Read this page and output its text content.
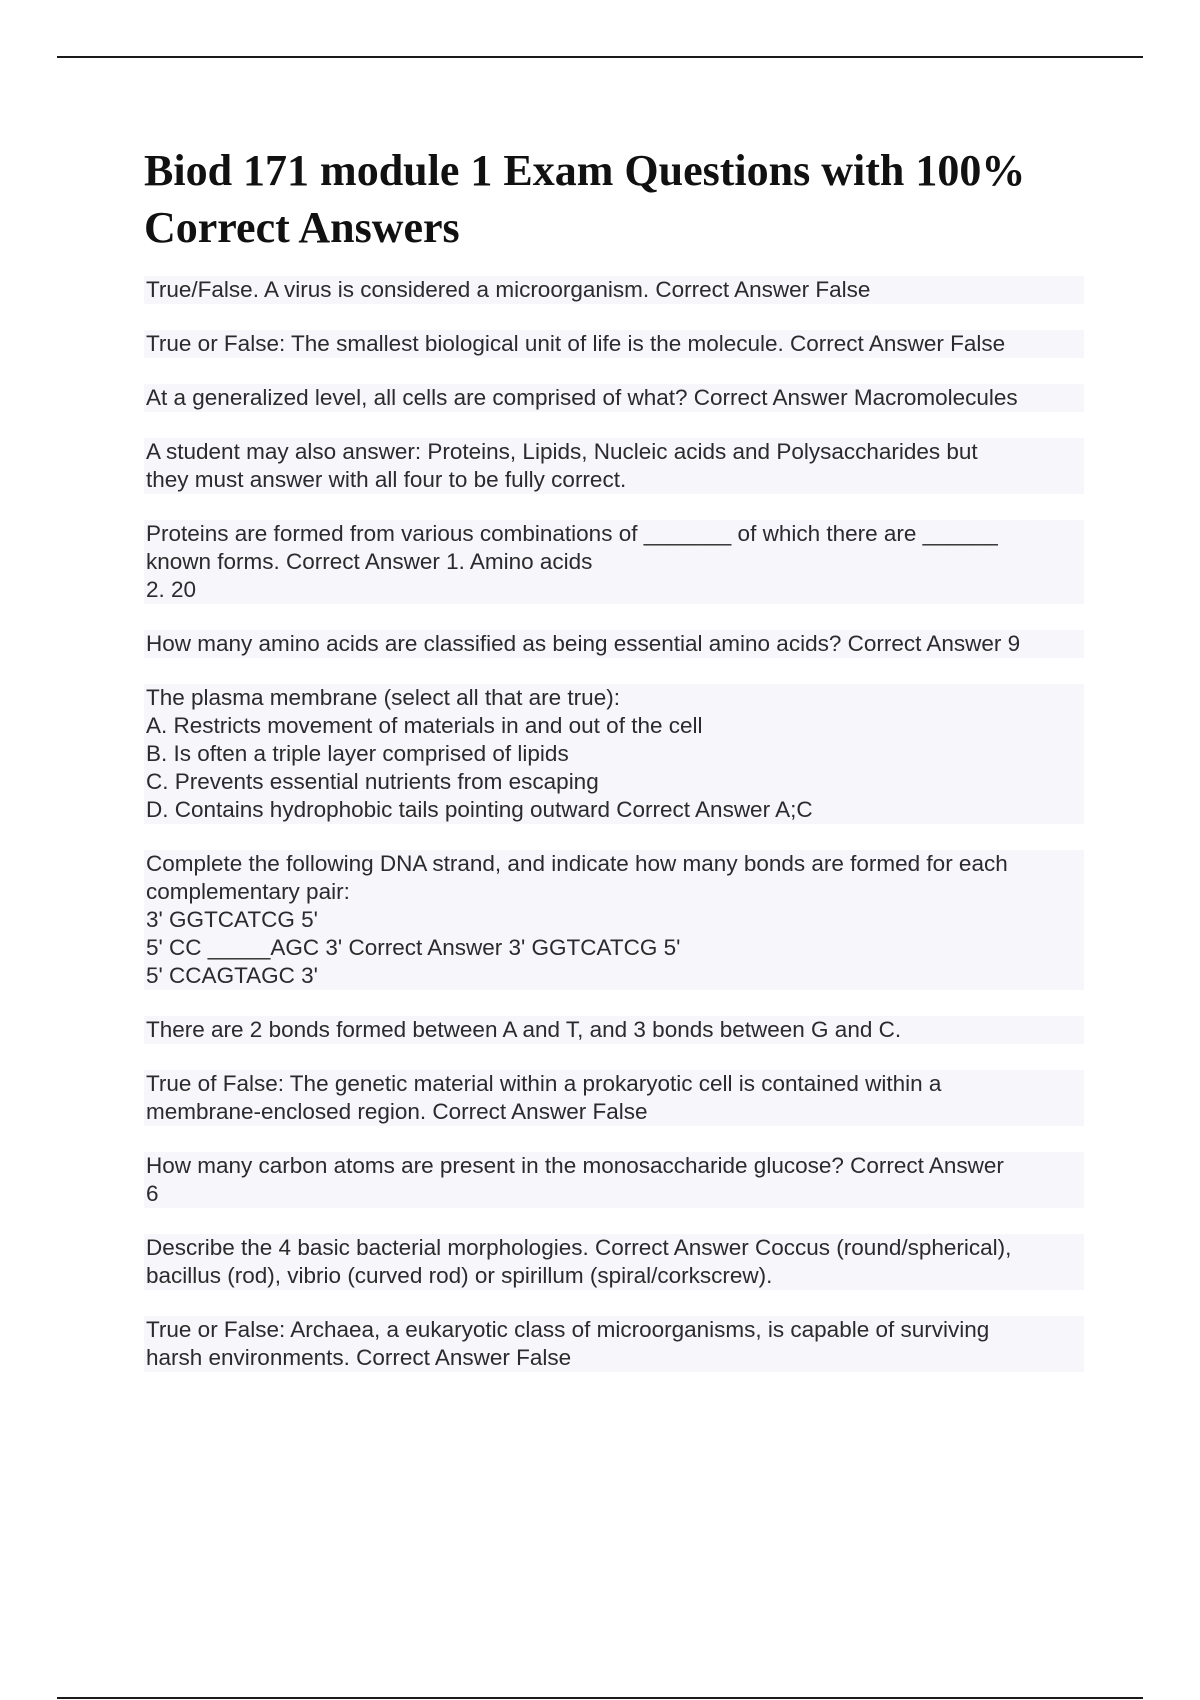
Biod 171 module 1 Exam Questions with 100% Correct Answers
True/False. A virus is considered a microorganism. Correct Answer False
True or False: The smallest biological unit of life is the molecule. Correct Answer False
At a generalized level, all cells are comprised of what? Correct Answer Macromolecules
A student may also answer: Proteins, Lipids, Nucleic acids and Polysaccharides but
they must answer with all four to be fully correct.
Proteins are formed from various combinations of _______ of which there are ______
known forms. Correct Answer 1. Amino acids
2. 20
How many amino acids are classified as being essential amino acids? Correct Answer 9
The plasma membrane (select all that are true):
A. Restricts movement of materials in and out of the cell
B. Is often a triple layer comprised of lipids
C. Prevents essential nutrients from escaping
D. Contains hydrophobic tails pointing outward Correct Answer A;C
Complete the following DNA strand, and indicate how many bonds are formed for each
complementary pair:
3' GGTCATCG 5'
5' CC _____AGC 3' Correct Answer 3' GGTCATCG 5'
5' CCAGTAGC 3'
There are 2 bonds formed between A and T, and 3 bonds between G and C.
True of False: The genetic material within a prokaryotic cell is contained within a
membrane-enclosed region. Correct Answer False
How many carbon atoms are present in the monosaccharide glucose? Correct Answer
6
Describe the 4 basic bacterial morphologies. Correct Answer Coccus (round/spherical),
bacillus (rod), vibrio (curved rod) or spirillum (spiral/corkscrew).
True or False: Archaea, a eukaryotic class of microorganisms, is capable of surviving
harsh environments. Correct Answer False
